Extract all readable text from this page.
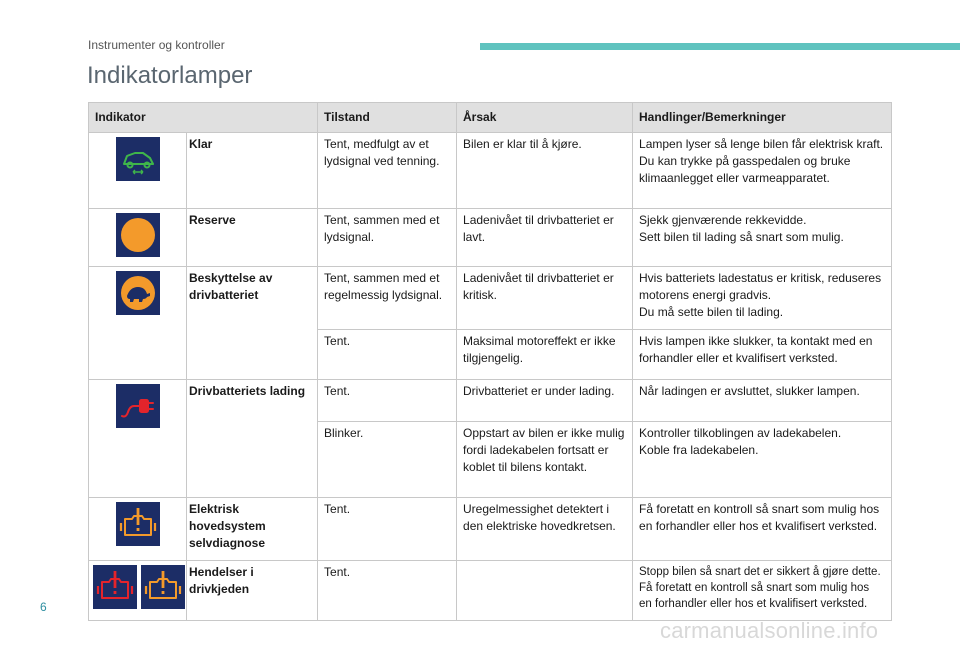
Instrumenter og kontroller
Indikatorlamper
Indikator		Tilstand	Årsak	Handlinger/Bemerkninger

	Klar	Tent, medfulgt av et lydsignal ved tenning.	Bilen er klar til å kjøre.	Lampen lyser så lenge bilen får elektrisk kraft.
Du kan trykke på gasspedalen og bruke klimaanlegget eller varmeapparatet.

	Reserve	Tent, sammen med et lydsignal.	Ladenivået til drivbatteriet er lavt.	Sjekk gjenværende rekkevidde.
Sett bilen til lading så snart som mulig.

	Beskyttelse av drivbatteriet	Tent, sammen med et regelmessig lydsignal.	Ladenivået til drivbatteriet er kritisk.	Hvis batteriets ladestatus er kritisk, reduseres motorens energi gradvis.
Du må sette bilen til lading.
		Tent.	Maksimal motoreffekt er ikke tilgjengelig.	Hvis lampen ikke slukker, ta kontakt med en forhandler eller et kvalifisert verksted.

	Drivbatteriets lading	Tent.	Drivbatteriet er under lading.	Når ladingen er avsluttet, slukker lampen.
		Blinker.	Oppstart av bilen er ikke mulig fordi ladekabelen fortsatt er koblet til bilens kontakt.	Kontroller tilkoblingen av ladekabelen.
Koble fra ladekabelen.

	Elektrisk hovedsystem selvdiagnose	Tent.	Uregelmessighet detektert i den elektriske hovedkretsen.	Få foretatt en kontroll så snart som mulig hos en forhandler eller hos et kvalifisert verksted.

	Hendelser i drivkjeden	Tent.		Stopp bilen så snart det er sikkert å gjøre dette.
Få foretatt en kontroll så snart som mulig hos en forhandler eller hos et kvalifisert verksted.
6
carmanualsonline.info
